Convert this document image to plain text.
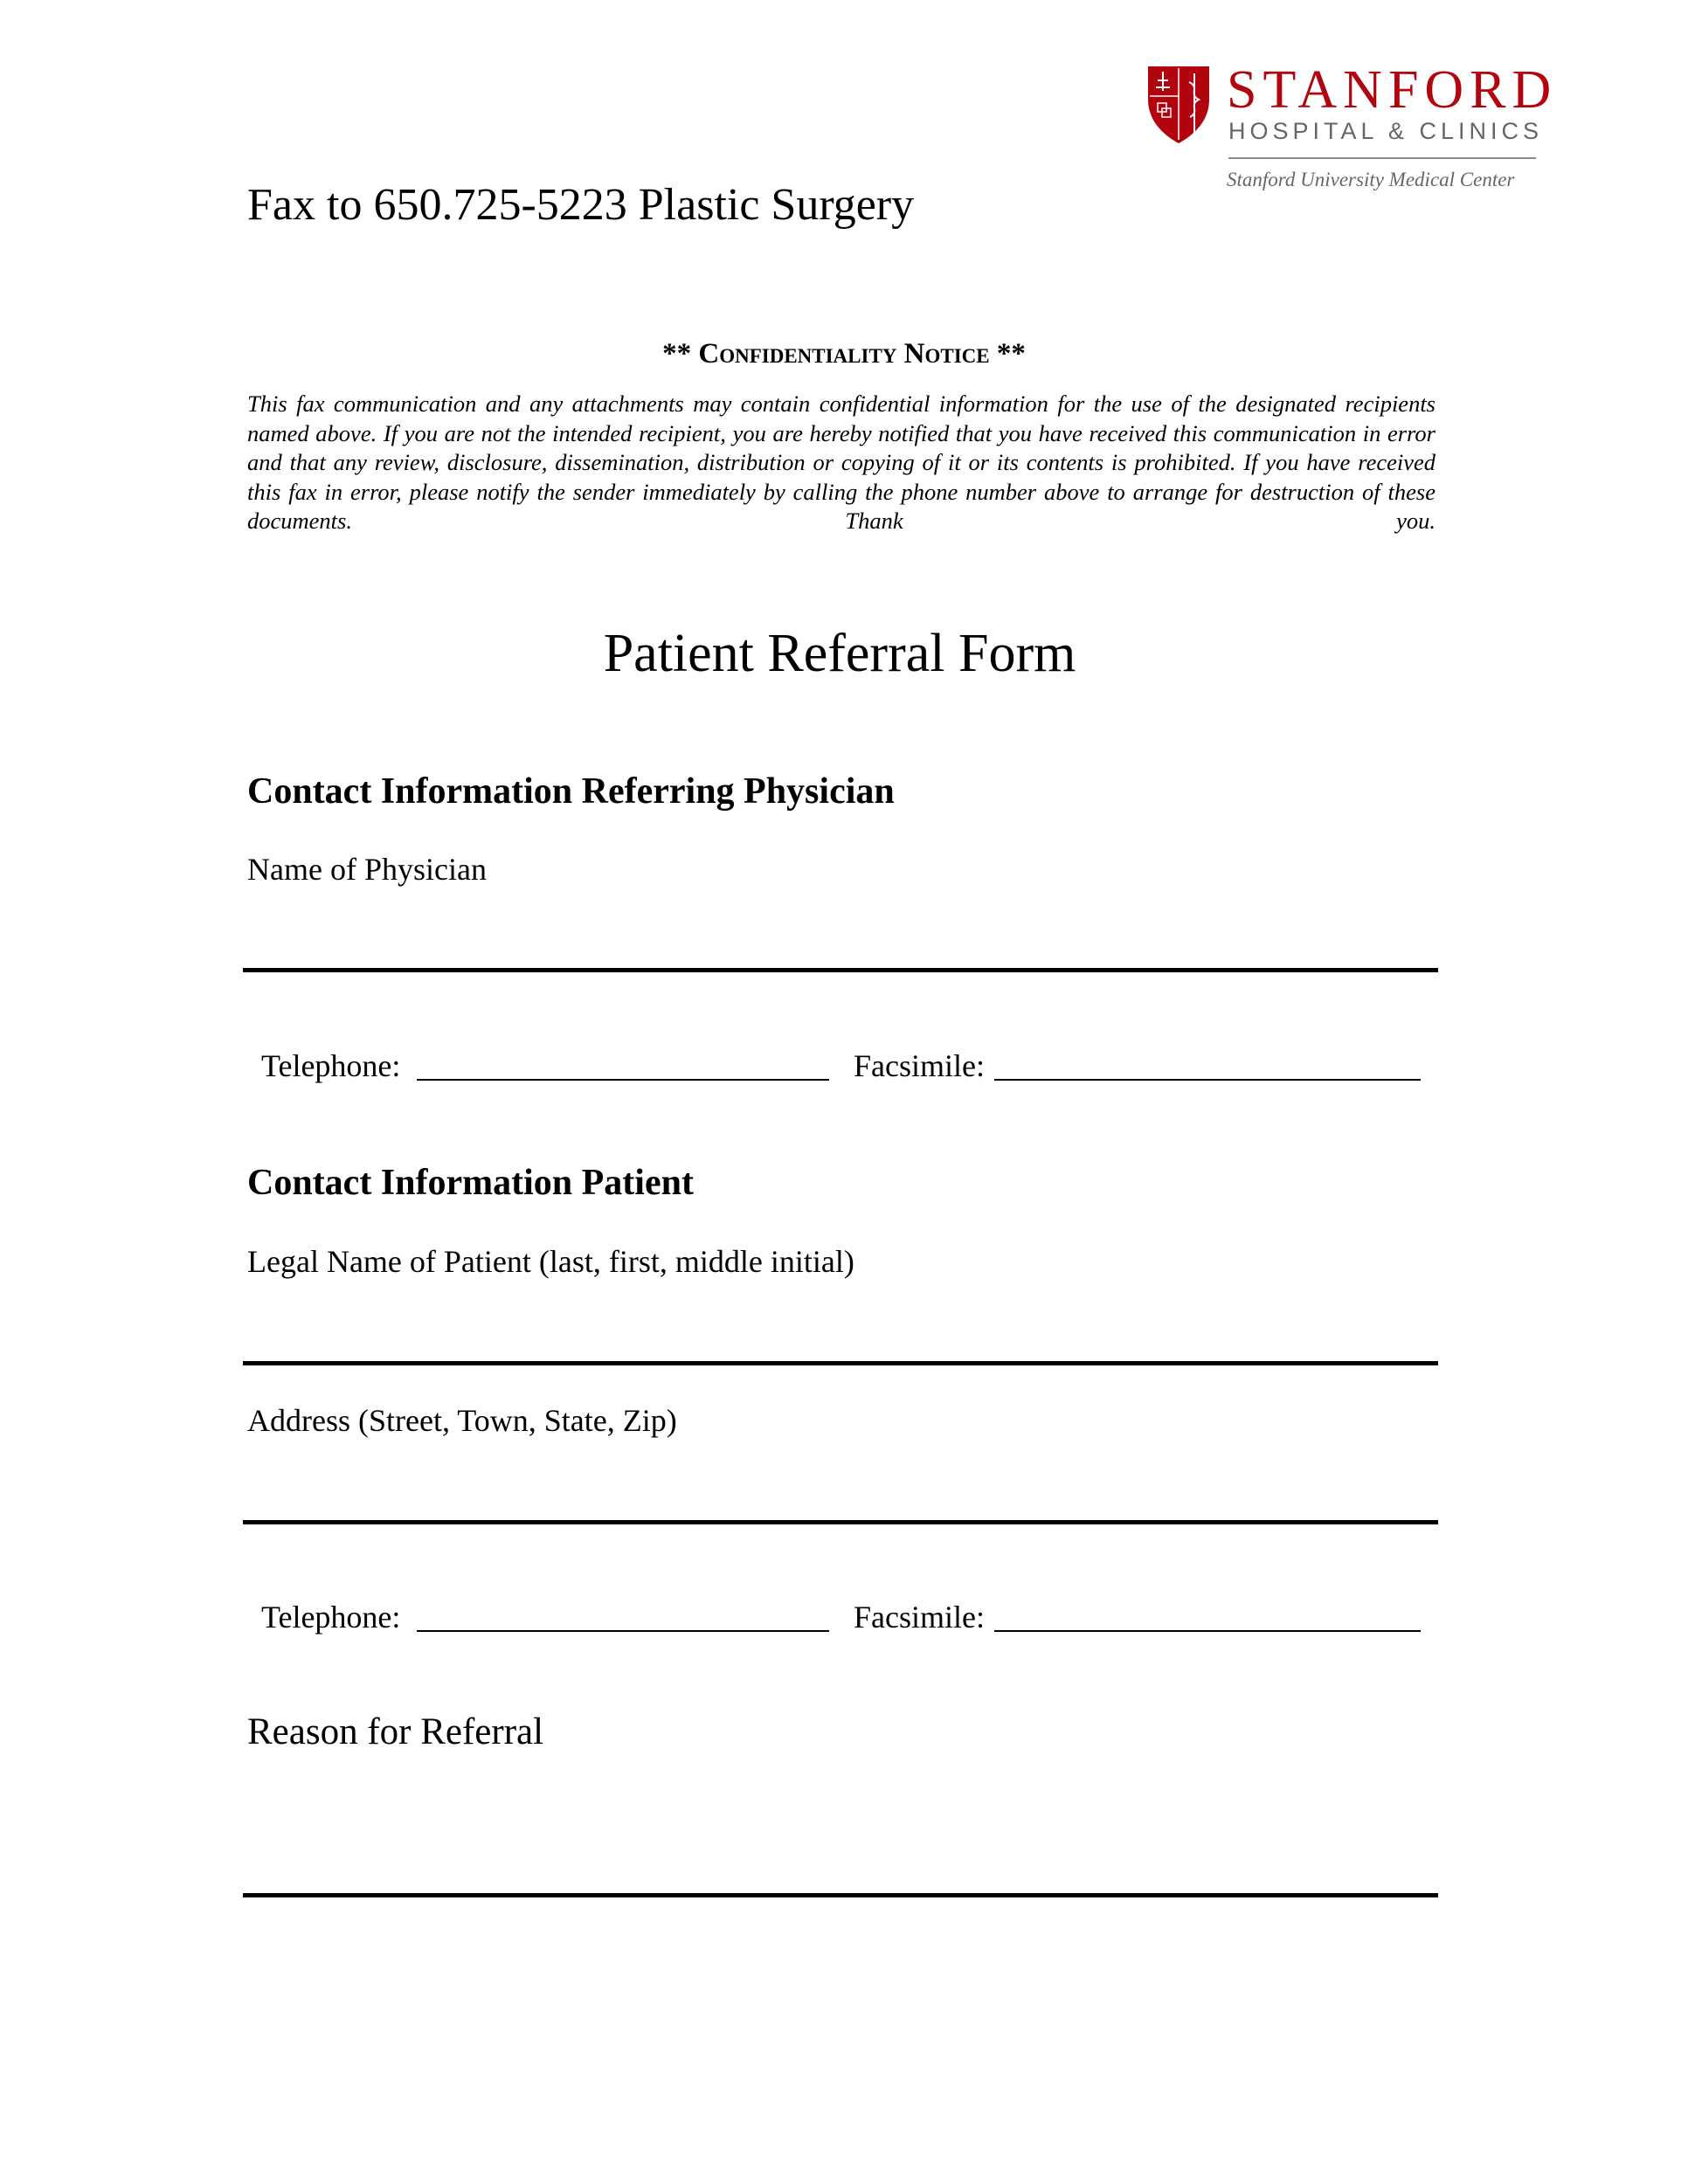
Fax to 650.725-5223 Plastic Surgery
STANFORD
HOSPITAL & CLINICS
Stanford University Medical Center
** Confidentiality Notice **
This fax communication and any attachments may contain confidential information for the use of the designated recipients named above. If you are not the intended recipient, you are hereby notified that you have received this communication in error and that any review, disclosure, dissemination, distribution or copying of it or its contents is prohibited. If you have received this fax in error, please notify the sender immediately by calling the phone number above to arrange for destruction of these documents. Thank you.
Patient Referral Form
Contact Information Referring Physician
Name of Physician
Telephone:	Facsimile:
Contact Information Patient
Legal Name of Patient (last, first, middle initial)
Address (Street, Town, State, Zip)
Telephone:	Facsimile:
Reason for Referral
